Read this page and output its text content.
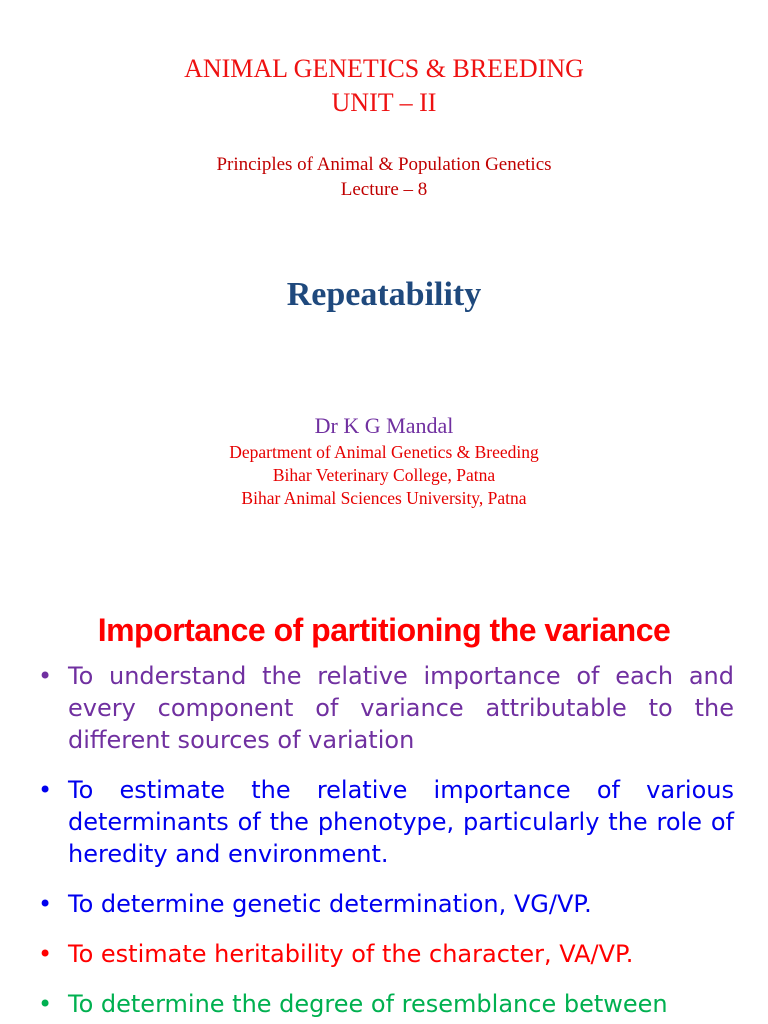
ANIMAL GENETICS & BREEDING
UNIT – II
Principles of Animal & Population Genetics
Lecture – 8
Repeatability
Dr K G Mandal
Department of Animal Genetics & Breeding
Bihar Veterinary College, Patna
Bihar Animal Sciences University, Patna
Importance of partitioning the variance
• To understand the relative importance of each and every component of variance attributable to the different sources of variation
• To estimate the relative importance of various determinants of the phenotype, particularly the role of heredity and environment.
• To determine genetic determination, VG/VP.
• To estimate heritability of the character, VA/VP.
• To determine the degree of resemblance between
